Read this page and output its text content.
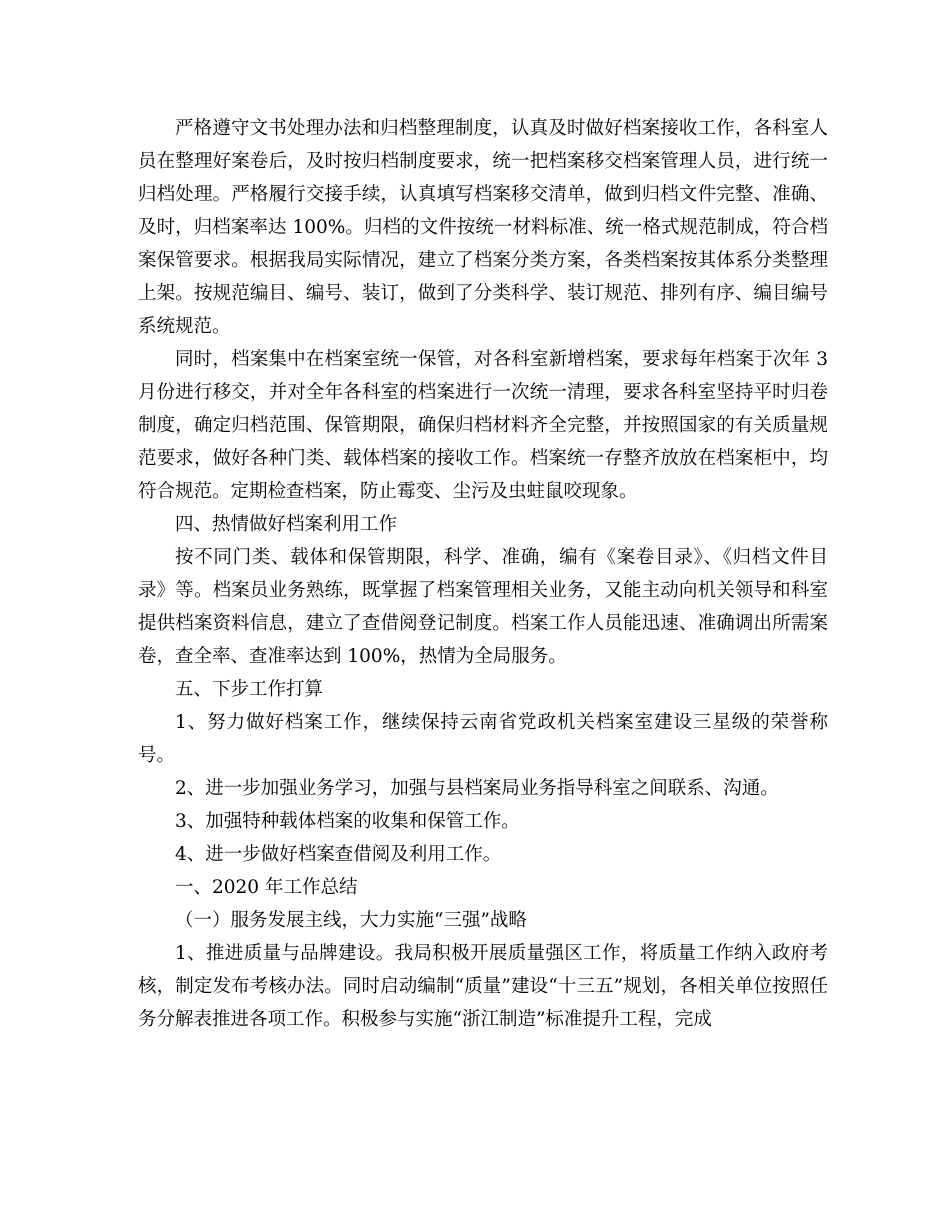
严格遵守文书处理办法和归档整理制度，认真及时做好档案接收工作，各科室人员在整理好案卷后，及时按归档制度要求，统一把档案移交档案管理人员，进行统一归档处理。严格履行交接手续，认真填写档案移交清单，做到归档文件完整、准确、及时，归档案率达 100%。归档的文件按统一材料标准、统一格式规范制成，符合档案保管要求。根据我局实际情况，建立了档案分类方案，各类档案按其体系分类整理上架。按规范编目、编号、装订，做到了分类科学、装订规范、排列有序、编目编号系统规范。

同时，档案集中在档案室统一保管，对各科室新增档案，要求每年档案于次年 3 月份进行移交，并对全年各科室的档案进行一次统一清理，要求各科室坚持平时归卷制度，确定归档范围、保管期限，确保归档材料齐全完整，并按照国家的有关质量规范要求，做好各种门类、载体档案的接收工作。档案统一存整齐放放在档案柜中，均符合规范。定期检查档案，防止霉变、尘污及虫蛀鼠咬现象。

四、热情做好档案利用工作

按不同门类、载体和保管期限，科学、准确，编有《案卷目录》、《归档文件目录》等。档案员业务熟练，既掌握了档案管理相关业务，又能主动向机关领导和科室提供档案资料信息，建立了查借阅登记制度。档案工作人员能迅速、准确调出所需案卷，查全率、查准率达到 100%，热情为全局服务。

五、下步工作打算

1、努力做好档案工作，继续保持云南省党政机关档案室建设三星级的荣誉称号。

2、进一步加强业务学习，加强与县档案局业务指导科室之间联系、沟通。

3、加强特种载体档案的收集和保管工作。

4、进一步做好档案查借阅及利用工作。

一、2020 年工作总结

（一）服务发展主线，大力实施“三强”战略

1、推进质量与品牌建设。我局积极开展质量强区工作，将质量工作纳入政府考核，制定发布考核办法。同时启动编制“质量”建设“十三五”规划，各相关单位按照任务分解表推进各项工作。积极参与实施“浙江制造”标准提升工程，完成
